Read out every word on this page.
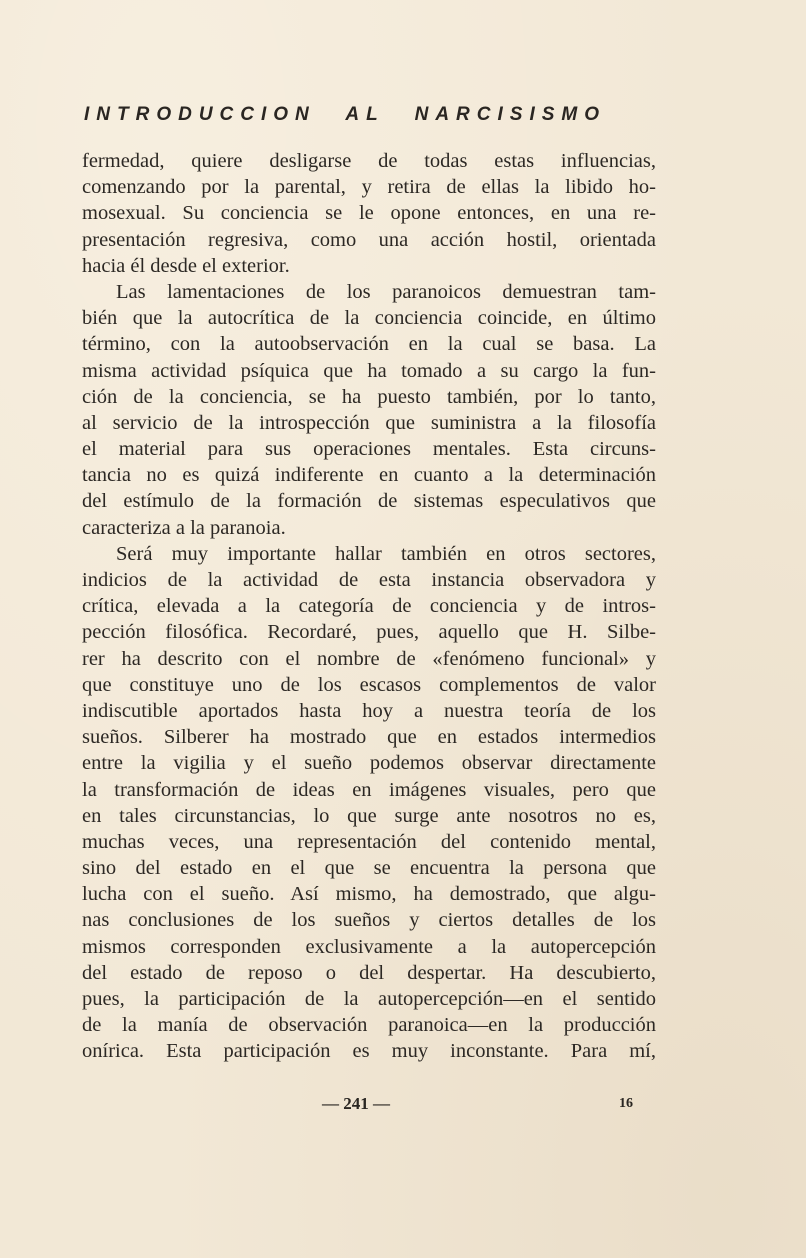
INTRODUCCION AL NARCISISMO

fermedad, quiere desligarse de todas estas influencias,
comenzando por la parental, y retira de ellas la libido ho-
mosexual. Su conciencia se le opone entonces, en una re-
presentación regresiva, como una acción hostil, orientada
hacia él desde el exterior.

Las lamentaciones de los paranoicos demuestran tam-
bién que la autocrítica de la conciencia coincide, en último
término, con la autoobservación en la cual se basa. La
misma actividad psíquica que ha tomado a su cargo la fun-
ción de la conciencia, se ha puesto también, por lo tanto,
al servicio de la introspección que suministra a la filosofía
el material para sus operaciones mentales. Esta circuns-
tancia no es quizá indiferente en cuanto a la determinación
del estímulo de la formación de sistemas especulativos que
caracteriza a la paranoia.

Será muy importante hallar también en otros sectores,
indicios de la actividad de esta instancia observadora y
crítica, elevada a la categoría de conciencia y de intros-
pección filosófica. Recordaré, pues, aquello que H. Silbe-
rer ha descrito con el nombre de «fenómeno funcional» y
que constituye uno de los escasos complementos de valor
indiscutible aportados hasta hoy a nuestra teoría de los
sueños. Silberer ha mostrado que en estados intermedios
entre la vigilia y el sueño podemos observar directamente
la transformación de ideas en imágenes visuales, pero que
en tales circunstancias, lo que surge ante nosotros no es,
muchas veces, una representación del contenido mental,
sino del estado en el que se encuentra la persona que
lucha con el sueño. Así mismo, ha demostrado, que algu-
nas conclusiones de los sueños y ciertos detalles de los
mismos corresponden exclusivamente a la autopercepción
del estado de reposo o del despertar. Ha descubierto,
pues, la participación de la autopercepción—en el sentido
de la manía de observación paranoica—en la producción
onírica. Esta participación es muy inconstante. Para mí,

— 241 —	16
